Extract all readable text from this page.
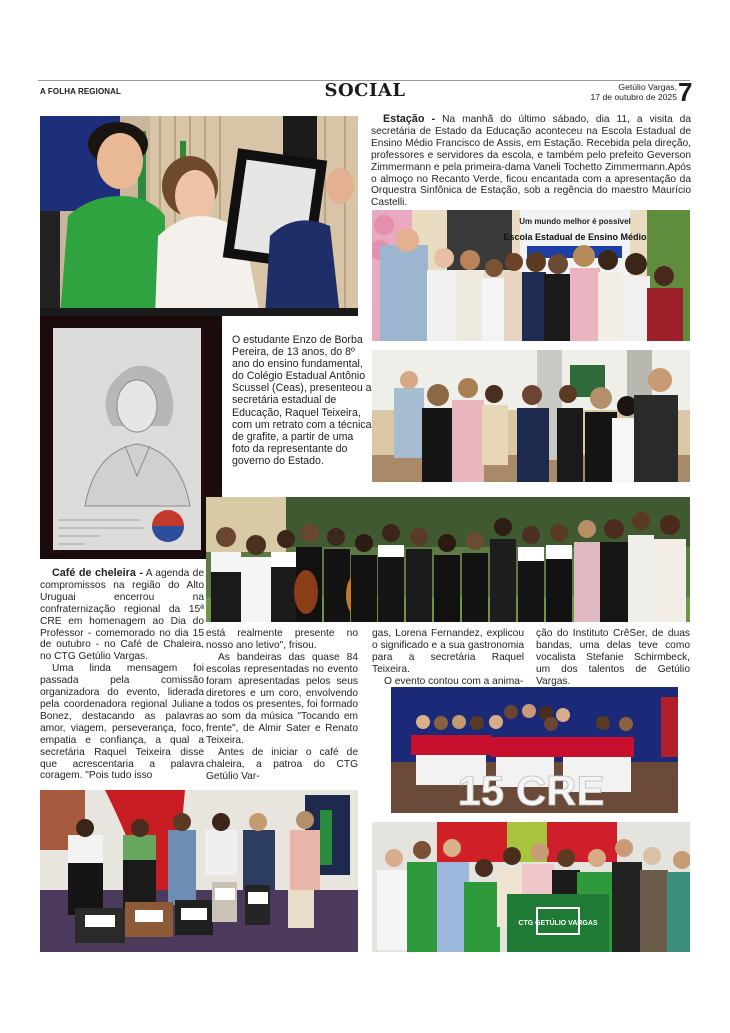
A FOLHA REGIONAL	SOCIAL	Getúlio Vargas,
17 de outubro de 2025 7
O estudante Enzo de Borba Pereira, de 13 anos, do 8º ano do ensino fundamental, do Colégio Estadual Antônio Scussel (Ceas), presenteou a secretária estadual de Educação, Raquel Teixeira, com um retrato com a técnica de grafite, a partir de uma foto da representante do governo do Estado.

Estação - Na manhã do último sábado, dia 11, a visita da secretária de Estado da Educação aconteceu na Escola Estadual de Ensino Médio Francisco de Assis, em Estação. Recebida pela direção, professores e servidores da escola, e também pelo prefeito Geverson Zimmermann e pela primeira-dama Vaneli Tochetto Zimmermann.Após o almoço no Recanto Verde, ficou encantada com a apresentação da Orquestra Sinfônica de Estação, sob a regência do maestro Maurício Castelli.

Um mundo melhor é possível
Escola Estadual de Ensino Médio

Café de cheleira - A agenda de compromissos na região do Alto Uruguai encerrou na confraternização regional da 15ª CRE em homenagem ao Dia do Professor - comemorado no dia 15 de outubro - no Café de Chaleira, no CTG Getúlio Vargas.

Uma linda mensagem foi passada pela comissão organizadora do evento, liderada pela coordenadora regional Juliane Bonez, destacando as palavras amor, viagem, perseverança, foco, empatia e confiança, a qual a secretária Raquel Teixeira disse que acrescentaria a palavra coragem. "Pois tudo isso

está realmente presente no nosso ano letivo", frisou.

As bandeiras das quase 84 escolas representadas no evento foram apresentadas pelos seus diretores e um coro, envolvendo a todos os presentes, foi formado ao som da música "Tocando em frente", de Almir Sater e Renato Teixeira.

Antes de iniciar o café de chaleira, a patroa do CTG Getúlio Var-

gas, Lorena Fernandez, explicou o significado e a sua gastronomia para a secretária Raquel Teixeira.

O evento contou com a anima-

ção do Instituto CrêSer, de duas bandas, uma delas teve como vocalista Stefanie Schirmbeck, um dos talentos de Getúlio Vargas.

15 CRE
CTG GETÚLIO VARGAS
